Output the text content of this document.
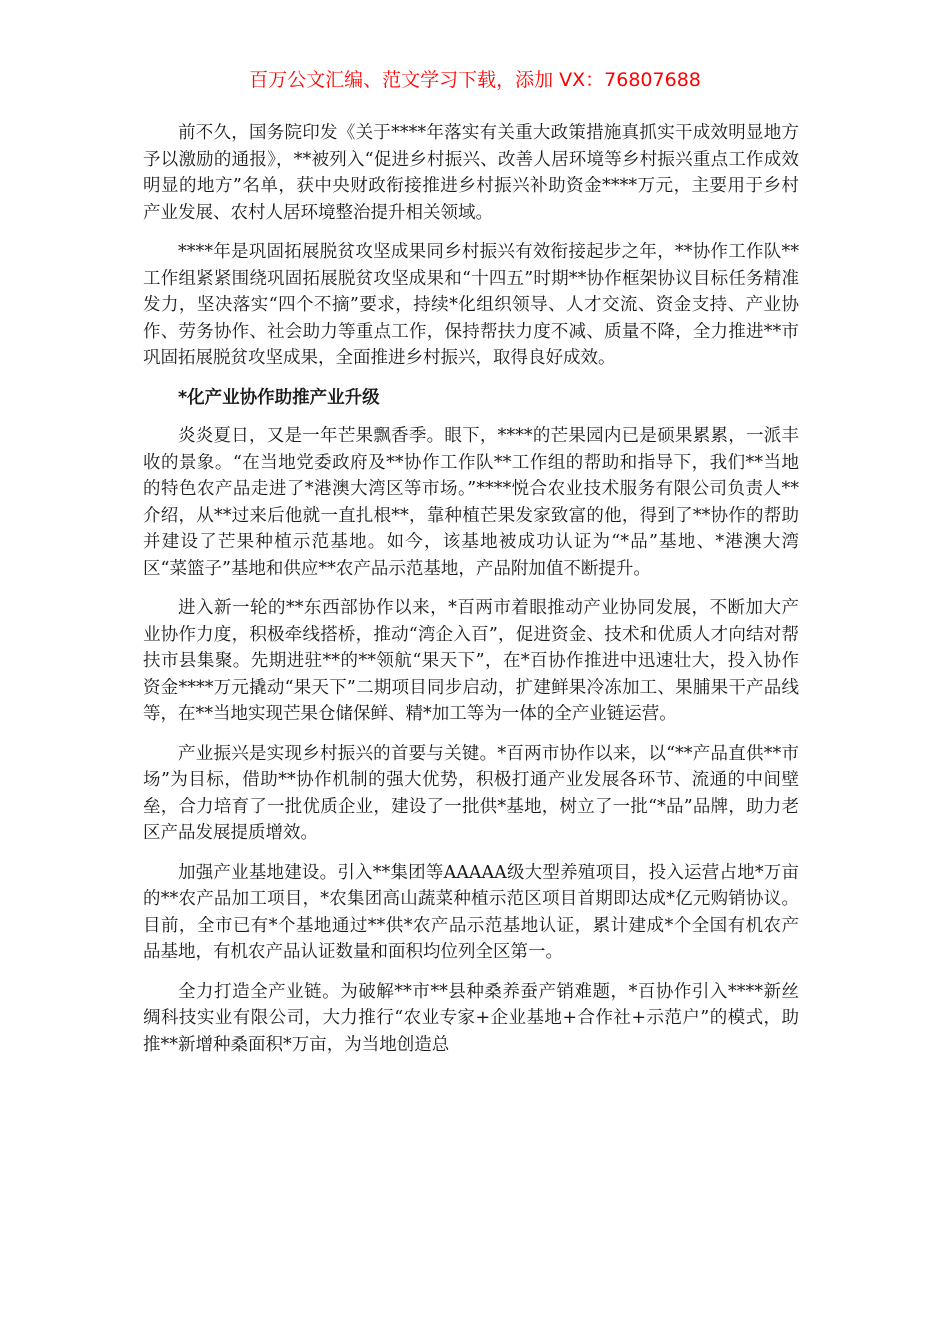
百万公文汇编、范文学习下载，添加 VX：76807688

前不久，国务院印发《关于****年落实有关重大政策措施真抓实干成效明显地方予以激励的通报》，**被列入“促进乡村振兴、改善人居环境等乡村振兴重点工作成效明显的地方”名单，获中央财政衔接推进乡村振兴补助资金****万元，主要用于乡村产业发展、农村人居环境整治提升相关领域。

****年是巩固拓展脱贫攻坚成果同乡村振兴有效衔接起步之年，**协作工作队**工作组紧紧围绕巩固拓展脱贫攻坚成果和“十四五”时期**协作框架协议目标任务精准发力，坚决落实“四个不摘”要求，持续*化组织领导、人才交流、资金支持、产业协作、劳务协作、社会助力等重点工作，保持帮扶力度不减、质量不降，全力推进**市巩固拓展脱贫攻坚成果，全面推进乡村振兴，取得良好成效。

*化产业协作助推产业升级

炎炎夏日，又是一年芒果飘香季。眼下，****的芒果园内已是硕果累累，一派丰收的景象。“在当地党委政府及**协作工作队**工作组的帮助和指导下，我们**当地的特色农产品走进了*港澳大湾区等市场。”****悦合农业技术服务有限公司负责人**介绍，从**过来后他就一直扎根**，靠种植芒果发家致富的他，得到了**协作的帮助并建设了芒果种植示范基地。如今，该基地被成功认证为“*品”基地、*港澳大湾区“菜篮子”基地和供应**农产品示范基地，产品附加值不断提升。

进入新一轮的**东西部协作以来，*百两市着眼推动产业协同发展，不断加大产业协作力度，积极牵线搭桥，推动“湾企入百”，促进资金、技术和优质人才向结对帮扶市县集聚。先期进驻**的**领航“果天下”，在*百协作推进中迅速壮大，投入协作资金****万元撬动“果天下”二期项目同步启动，扩建鲜果冷冻加工、果脯果干产品线等，在**当地实现芒果仓储保鲜、精*加工等为一体的全产业链运营。

产业振兴是实现乡村振兴的首要与关键。*百两市协作以来，以“**产品直供**市场”为目标，借助**协作机制的强大优势，积极打通产业发展各环节、流通的中间壁垒，合力培育了一批优质企业，建设了一批供*基地，树立了一批“*品”品牌，助力老区产品发展提质增效。

加强产业基地建设。引入**集团等AAAAA级大型养殖项目，投入运营占地*万亩的**农产品加工项目，*农集团高山蔬菜种植示范区项目首期即达成*亿元购销协议。目前，全市已有*个基地通过**供*农产品示范基地认证，累计建成*个全国有机农产品基地，有机农产品认证数量和面积均位列全区第一。

全力打造全产业链。为破解**市**县种桑养蚕产销难题，*百协作引入****新丝绸科技实业有限公司，大力推行“农业专家+企业基地+合作社+示范户”的模式，助推**新增种桑面积*万亩，为当地创造总
